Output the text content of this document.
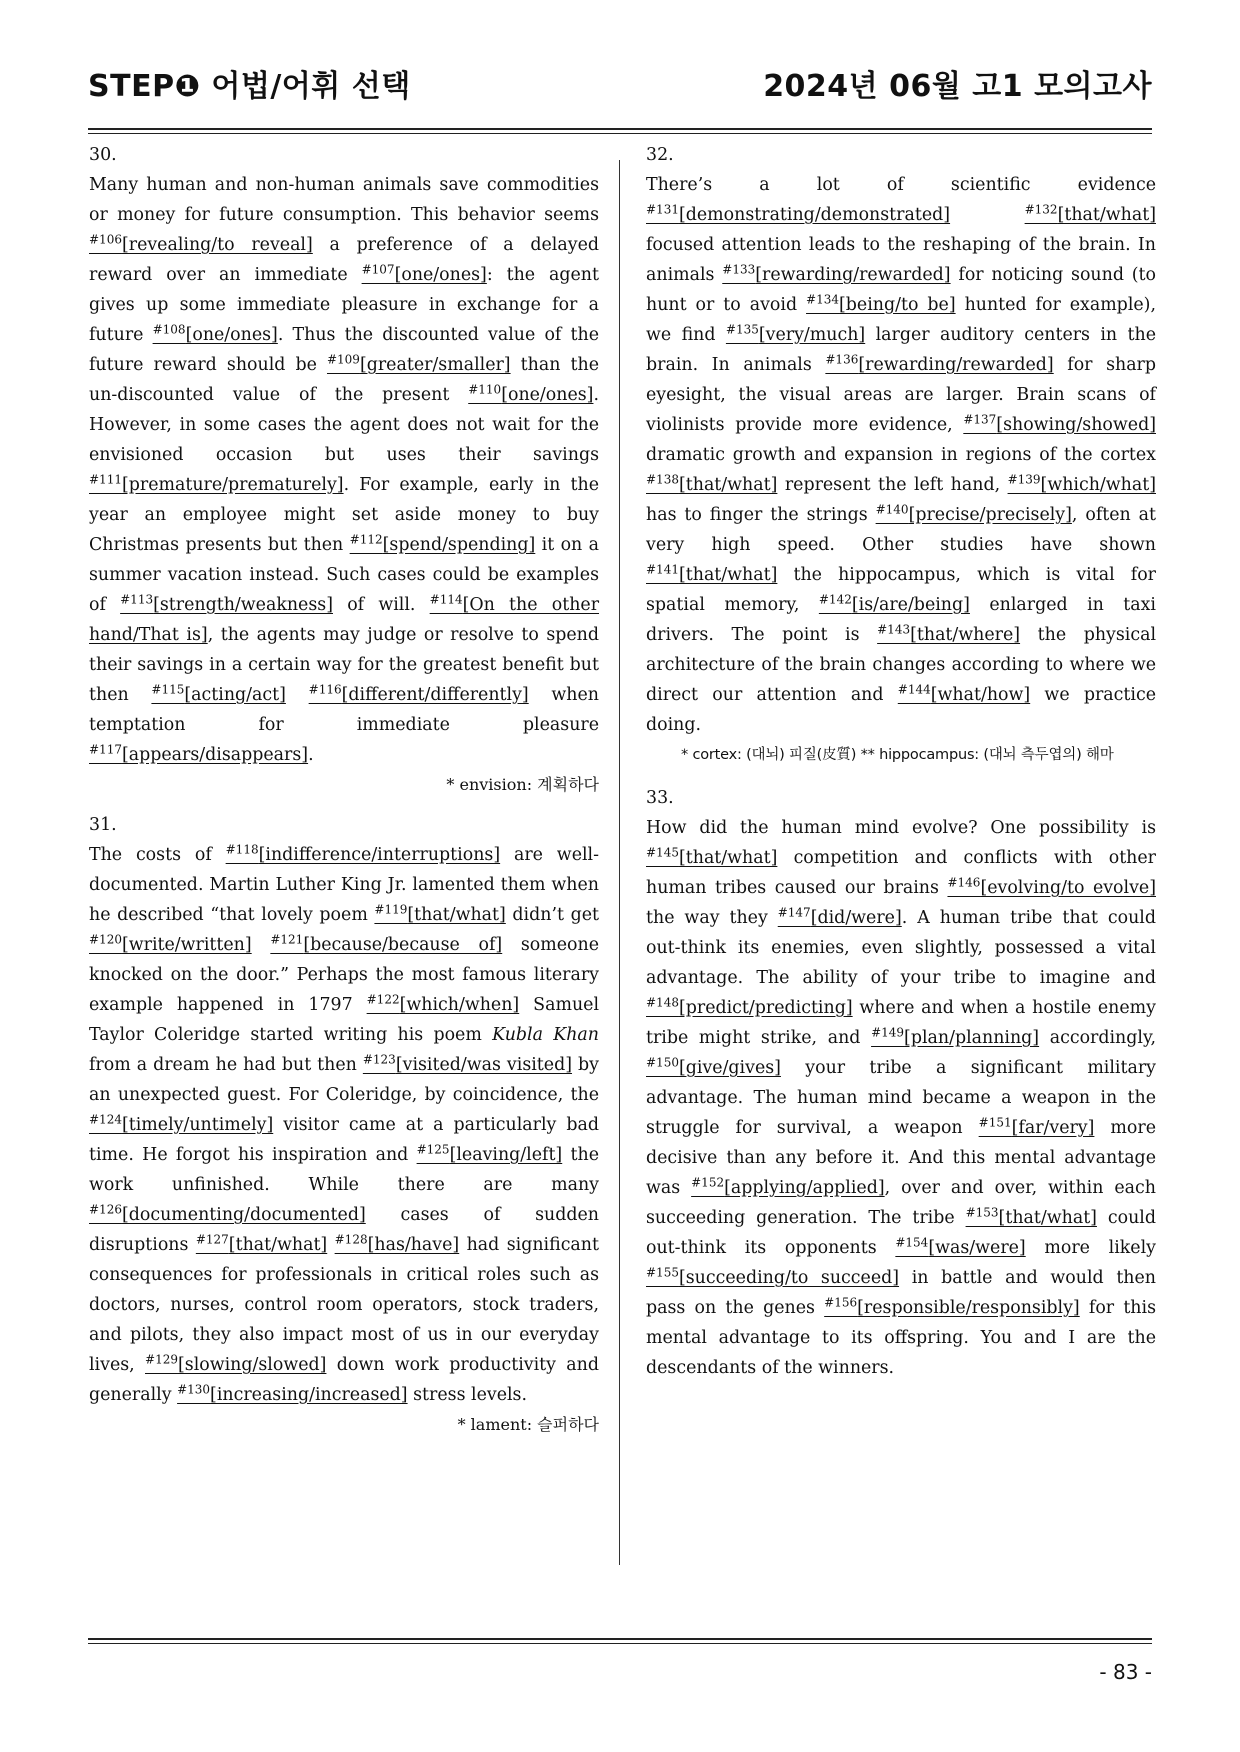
STEP❶ 어법/어휘 선택	2024년 06월 고1 모의고사

30.

Many human and non-human animals save commodities or money for future consumption. This behavior seems $^{\#106}$[revealing/to reveal] a preference of a delayed reward over an immediate $^{\#107}$[one/ones]: the agent gives up some immediate pleasure in exchange for a future $^{\#108}$[one/ones]. Thus the discounted value of the future reward should be $^{\#109}$[greater/smaller] than the un-discounted value of the present $^{\#110}$[one/ones]. However, in some cases the agent does not wait for the envisioned occasion but uses their savings $^{\#111}$[premature/prematurely]. For example, early in the year an employee might set aside money to buy Christmas presents but then $^{\#112}$[spend/spending] it on a summer vacation instead. Such cases could be examples of $^{\#113}$[strength/weakness] of will. $^{\#114}$[On the other hand/That is], the agents may judge or resolve to spend their savings in a certain way for the greatest benefit but then $^{\#115}$[acting/act] $^{\#116}$[different/differently] when temptation for immediate pleasure $^{\#117}$[appears/disappears].

* envision: 계획하다

31.

The costs of $^{\#118}$[indifference/interruptions] are well-documented. Martin Luther King Jr. lamented them when he described “that lovely poem $^{\#119}$[that/what] didn’t get $^{\#120}$[write/written] $^{\#121}$[because/because of] someone knocked on the door.” Perhaps the most famous literary example happened in 1797 $^{\#122}$[which/when] Samuel Taylor Coleridge started writing his poem Kubla Khan from a dream he had but then $^{\#123}$[visited/was visited] by an unexpected guest. For Coleridge, by coincidence, the $^{\#124}$[timely/untimely] visitor came at a particularly bad time. He forgot his inspiration and $^{\#125}$[leaving/left] the work unfinished. While there are many $^{\#126}$[documenting/documented] cases of sudden disruptions $^{\#127}$[that/what] $^{\#128}$[has/have] had significant consequences for professionals in critical roles such as doctors, nurses, control room operators, stock traders, and pilots, they also impact most of us in our everyday lives, $^{\#129}$[slowing/slowed] down work productivity and generally $^{\#130}$[increasing/increased] stress levels.

* lament: 슬퍼하다

32.

There’s a lot of scientific evidence $^{\#131}$[demonstrating/demonstrated]	$^{\#132}$[that/what] focused attention leads to the reshaping of the brain. In animals $^{\#133}$[rewarding/rewarded] for noticing sound (to hunt or to avoid $^{\#134}$[being/to be] hunted for example), we find $^{\#135}$[very/much] larger auditory centers in the brain. In animals $^{\#136}$[rewarding/rewarded] for sharp eyesight, the visual areas are larger. Brain scans of violinists provide more evidence, $^{\#137}$[showing/showed] dramatic growth and expansion in regions of the cortex $^{\#138}$[that/what] represent the left hand, $^{\#139}$[which/what] has to finger the strings $^{\#140}$[precise/precisely], often at very high speed. Other studies have shown $^{\#141}$[that/what] the hippocampus, which is vital for spatial memory, $^{\#142}$[is/are/being] enlarged in taxi drivers. The point is $^{\#143}$[that/where] the physical architecture of the brain changes according to where we direct our attention and $^{\#144}$[what/how] we practice doing.

* cortex: (대뇌) 피질(皮質) ** hippocampus: (대뇌 측두엽의) 해마

33.

How did the human mind evolve? One possibility is $^{\#145}$[that/what] competition and conflicts with other human tribes caused our brains $^{\#146}$[evolving/to evolve] the way they $^{\#147}$[did/were]. A human tribe that could out-think its enemies, even slightly, possessed a vital advantage. The ability of your tribe to imagine and $^{\#148}$[predict/predicting] where and when a hostile enemy tribe might strike, and $^{\#149}$[plan/planning] accordingly, $^{\#150}$[give/gives] your tribe a significant military advantage. The human mind became a weapon in the struggle for survival, a weapon $^{\#151}$[far/very] more decisive than any before it. And this mental advantage was $^{\#152}$[applying/applied], over and over, within each succeeding generation. The tribe $^{\#153}$[that/what] could out-think its opponents $^{\#154}$[was/were] more likely $^{\#155}$[succeeding/to succeed] in battle and would then pass on the genes $^{\#156}$[responsible/responsibly] for this mental advantage to its offspring. You and I are the descendants of the winners.

- 83 -
